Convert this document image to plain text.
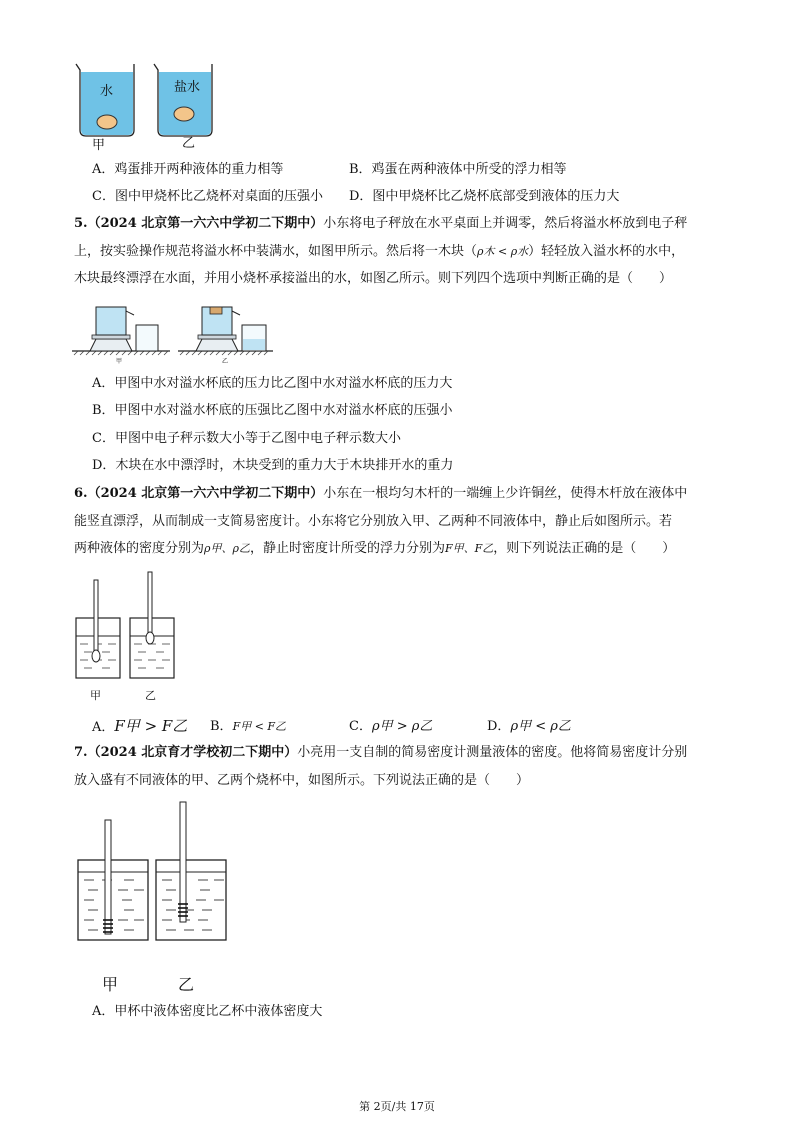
水	盐水
甲	乙
A．鸡蛋排开两种液体的重力相等	B．鸡蛋在两种液体中所受的浮力相等
C．图中甲烧杯比乙烧杯对桌面的压强小 D．图中甲烧杯比乙烧杯底部受到液体的压力大
5.（2024 北京第一六六中学初二下期中）小东将电子秤放在水平桌面上并调零，然后将溢水杯放到电子秤
上，按实验操作规范将溢水杯中装满水，如图甲所示。然后将一木块（ρ木 < ρ水）轻轻放入溢水杯的水中，
木块最终漂浮在水面，并用小烧杯承接溢出的水，如图乙所示。则下列四个选项中判断正确的是（　　）
甲	乙
A．甲图中水对溢水杯底的压力比乙图中水对溢水杯底的压力大
B．甲图中水对溢水杯底的压强比乙图中水对溢水杯底的压强小
C．甲图中电子秤示数大小等于乙图中电子秤示数大小
D．木块在水中漂浮时，木块受到的重力大于木块排开水的重力
6.（2024 北京第一六六中学初二下期中）小东在一根均匀木杆的一端缠上少许铜丝，使得木杆放在液体中
能竖直漂浮，从而制成一支简易密度计。小东将它分别放入甲、乙两种不同液体中，静止后如图所示。若
两种液体的密度分别为ρ甲、ρ乙，静止时密度计所受的浮力分别为F甲、F乙，则下列说法正确的是（　　）
甲	乙
A．F甲 > F乙 B．F甲 < F乙	C．ρ甲 > ρ乙	D．ρ甲 < ρ乙
7.（2024 北京育才学校初二下期中）小亮用一支自制的简易密度计测量液体的密度。他将简易密度计分别
放入盛有不同液体的甲、乙两个烧杯中，如图所示。下列说法正确的是（　　）
甲	乙
A．甲杯中液体密度比乙杯中液体密度大
第 2页/共 17页
